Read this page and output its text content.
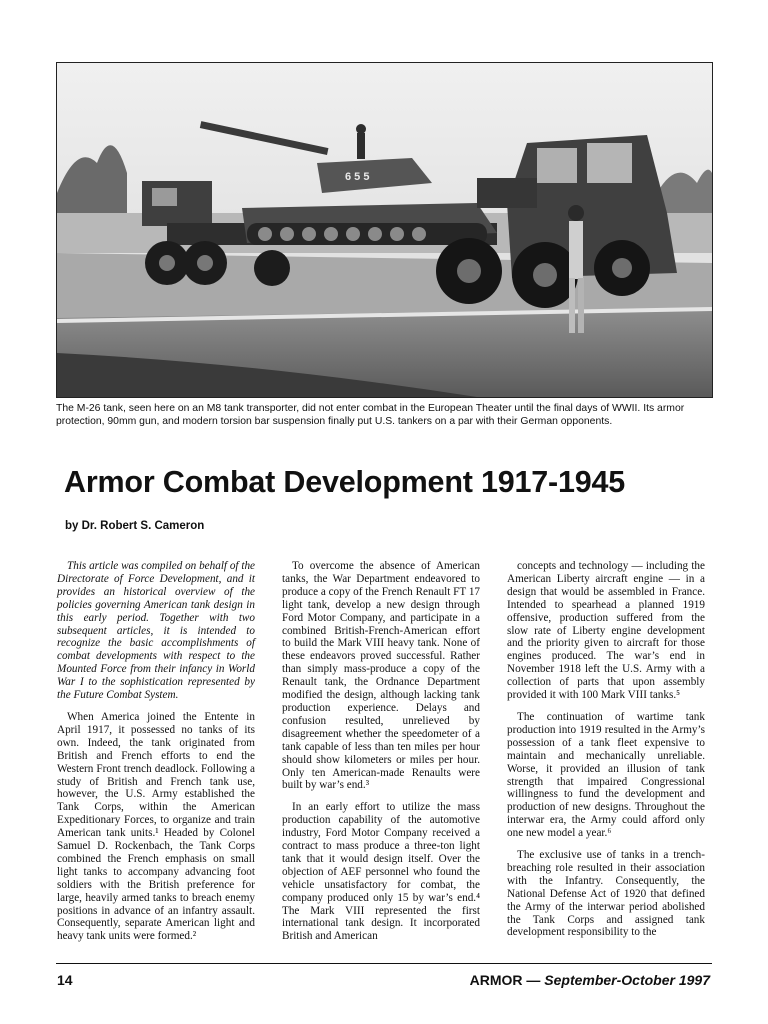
6 5 5
The M-26 tank, seen here on an M8 tank transporter, did not enter combat in the European Theater until the final days of WWII. Its armor protection, 90mm gun, and modern torsion bar suspension finally put U.S. tankers on a par with their German opponents.
Armor Combat Development 1917-1945
by Dr. Robert S. Cameron

This article was compiled on behalf of the Directorate of Force Development, and it provides an historical overview of the policies governing American tank design in this early period. Together with two subsequent articles, it is intended to recognize the basic accomplishments of combat developments with respect to the Mounted Force from their infancy in World War I to the sophistication represented by the Future Combat System.

When America joined the Entente in April 1917, it possessed no tanks of its own. Indeed, the tank originated from British and French efforts to end the Western Front trench deadlock. Following a study of British and French tank use, however, the U.S. Army established the Tank Corps, within the American Expeditionary Forces, to organize and train American tank units.¹ Headed by Colonel Samuel D. Rockenbach, the Tank Corps combined the French emphasis on small light tanks to accompany advancing foot soldiers with the British preference for large, heavily armed tanks to breach enemy positions in advance of an infantry assault. Consequently, separate American light and heavy tank units were formed.²

To overcome the absence of American tanks, the War Department endeavored to produce a copy of the French Renault FT 17 light tank, develop a new design through Ford Motor Company, and participate in a combined British-French-American effort to build the Mark VIII heavy tank. None of these endeavors proved successful. Rather than simply mass-produce a copy of the Renault tank, the Ordnance Department modified the design, although lacking tank production experience. Delays and confusion resulted, unrelieved by disagreement whether the speedometer of a tank capable of less than ten miles per hour should show kilometers or miles per hour. Only ten American-made Renaults were built by war’s end.³

In an early effort to utilize the mass production capability of the automotive industry, Ford Motor Company received a contract to mass produce a three-ton light tank that it would design itself. Over the objection of AEF personnel who found the vehicle unsatisfactory for combat, the company produced only 15 by war’s end.⁴ The Mark VIII represented the first international tank design. It incorporated British and American

concepts and technology — including the American Liberty aircraft engine — in a design that would be assembled in France. Intended to spearhead a planned 1919 offensive, production suffered from the slow rate of Liberty engine development and the priority given to aircraft for those engines produced. The war’s end in November 1918 left the U.S. Army with a collection of parts that upon assembly provided it with 100 Mark VIII tanks.⁵

The continuation of wartime tank production into 1919 resulted in the Army’s possession of a tank fleet expensive to maintain and mechanically unreliable. Worse, it provided an illusion of tank strength that impaired Congressional willingness to fund the development and production of new designs. Throughout the interwar era, the Army could afford only one new model a year.⁶

The exclusive use of tanks in a trench-breaching role resulted in their association with the Infantry. Consequently, the National Defense Act of 1920 that defined the Army of the interwar period abolished the Tank Corps and assigned tank development responsibility to the

14	ARMOR — September-October 1997
